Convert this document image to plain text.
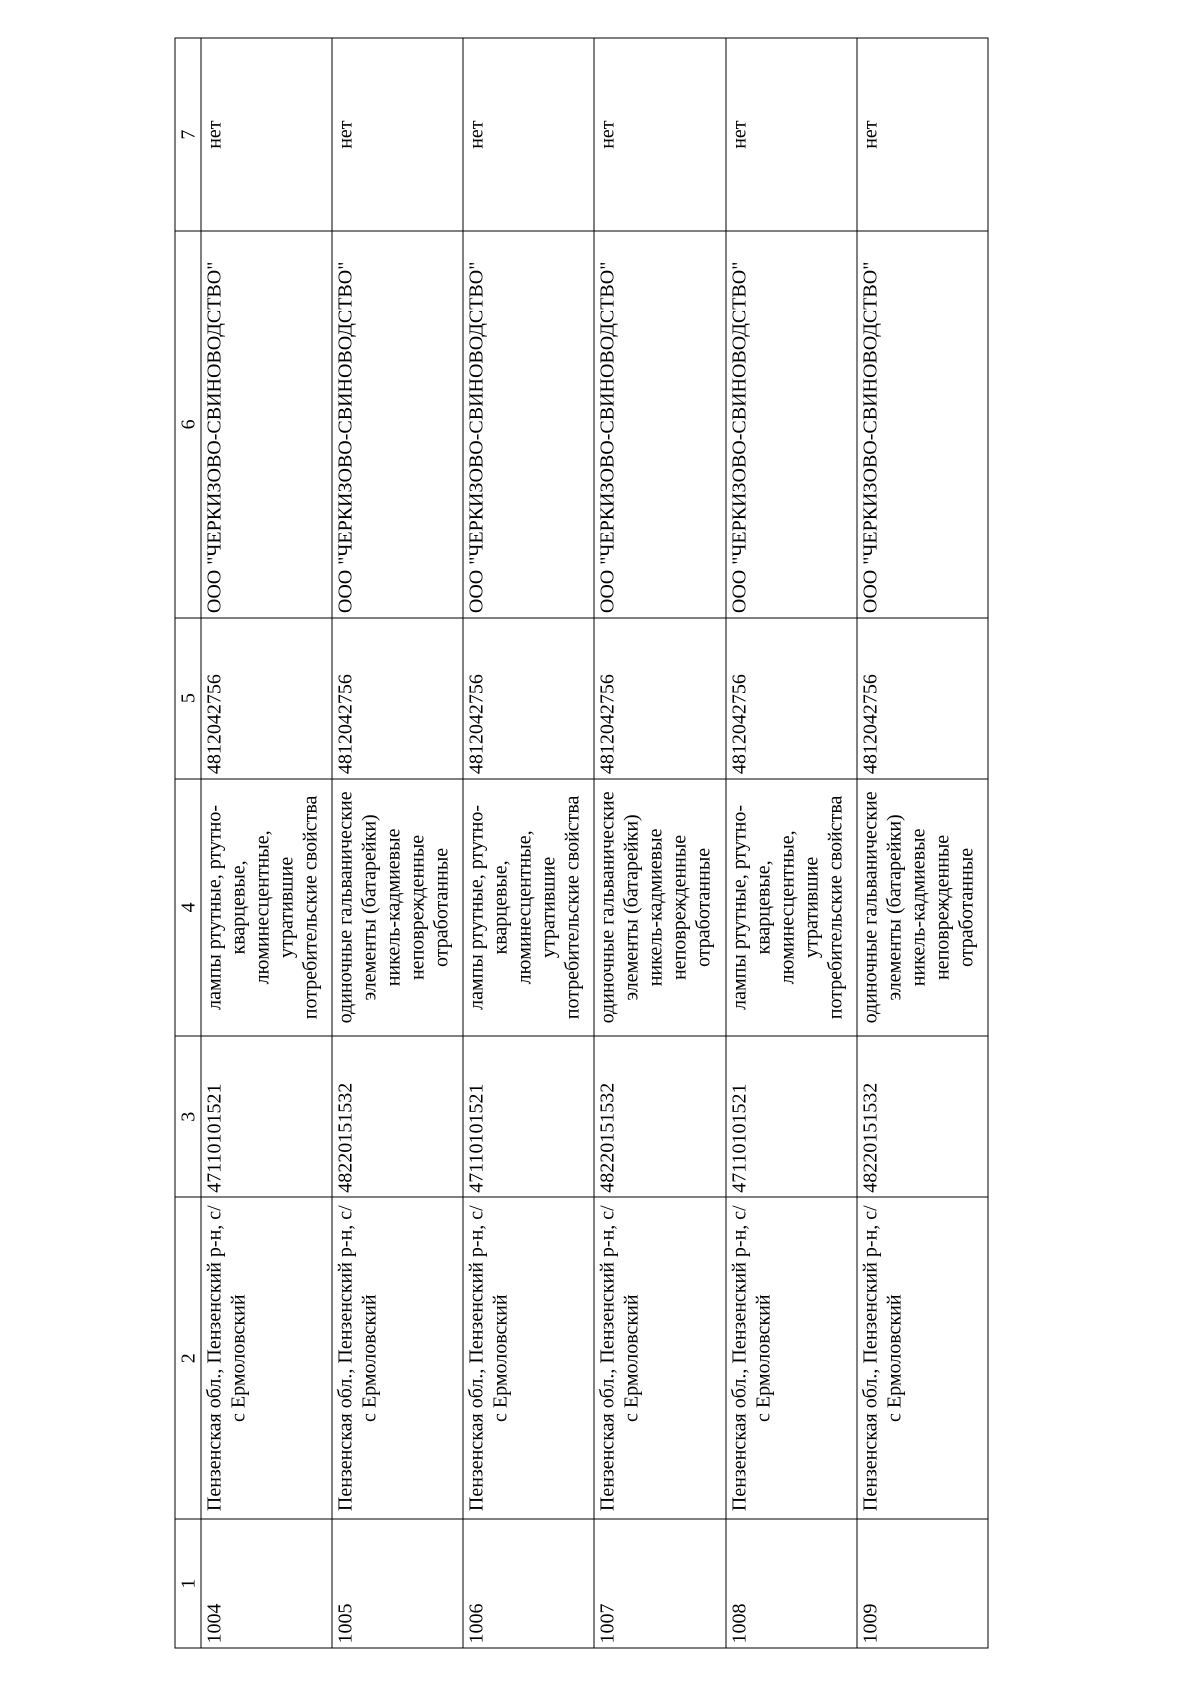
1	2	3	4	5	6	7
1004	Пензенская обл., Пензенский р-н, с/с Ермоловский	47110101521	лампы ртутные, ртутно-кварцевые, люминесцентные, утратившие потребительские свойства	4812042756	ООО "ЧЕРКИЗОВО-СВИНОВОДСТВО"	нет
1005	Пензенская обл., Пензенский р-н, с/с Ермоловский	48220151532	одиночные гальванические элементы (батарейки) никель-кадмиевые неповрежденные отработанные	4812042756	ООО "ЧЕРКИЗОВО-СВИНОВОДСТВО"	нет
1006	Пензенская обл., Пензенский р-н, с/с Ермоловский	47110101521	лампы ртутные, ртутно-кварцевые, люминесцентные, утратившие потребительские свойства	4812042756	ООО "ЧЕРКИЗОВО-СВИНОВОДСТВО"	нет
1007	Пензенская обл., Пензенский р-н, с/с Ермоловский	48220151532	одиночные гальванические элементы (батарейки) никель-кадмиевые неповрежденные отработанные	4812042756	ООО "ЧЕРКИЗОВО-СВИНОВОДСТВО"	нет
1008	Пензенская обл., Пензенский р-н, с/с Ермоловский	47110101521	лампы ртутные, ртутно-кварцевые, люминесцентные, утратившие потребительские свойства	4812042756	ООО "ЧЕРКИЗОВО-СВИНОВОДСТВО"	нет
1009	Пензенская обл., Пензенский р-н, с/с Ермоловский	48220151532	одиночные гальванические элементы (батарейки) никель-кадмиевые неповрежденные отработанные	4812042756	ООО "ЧЕРКИЗОВО-СВИНОВОДСТВО"	нет
